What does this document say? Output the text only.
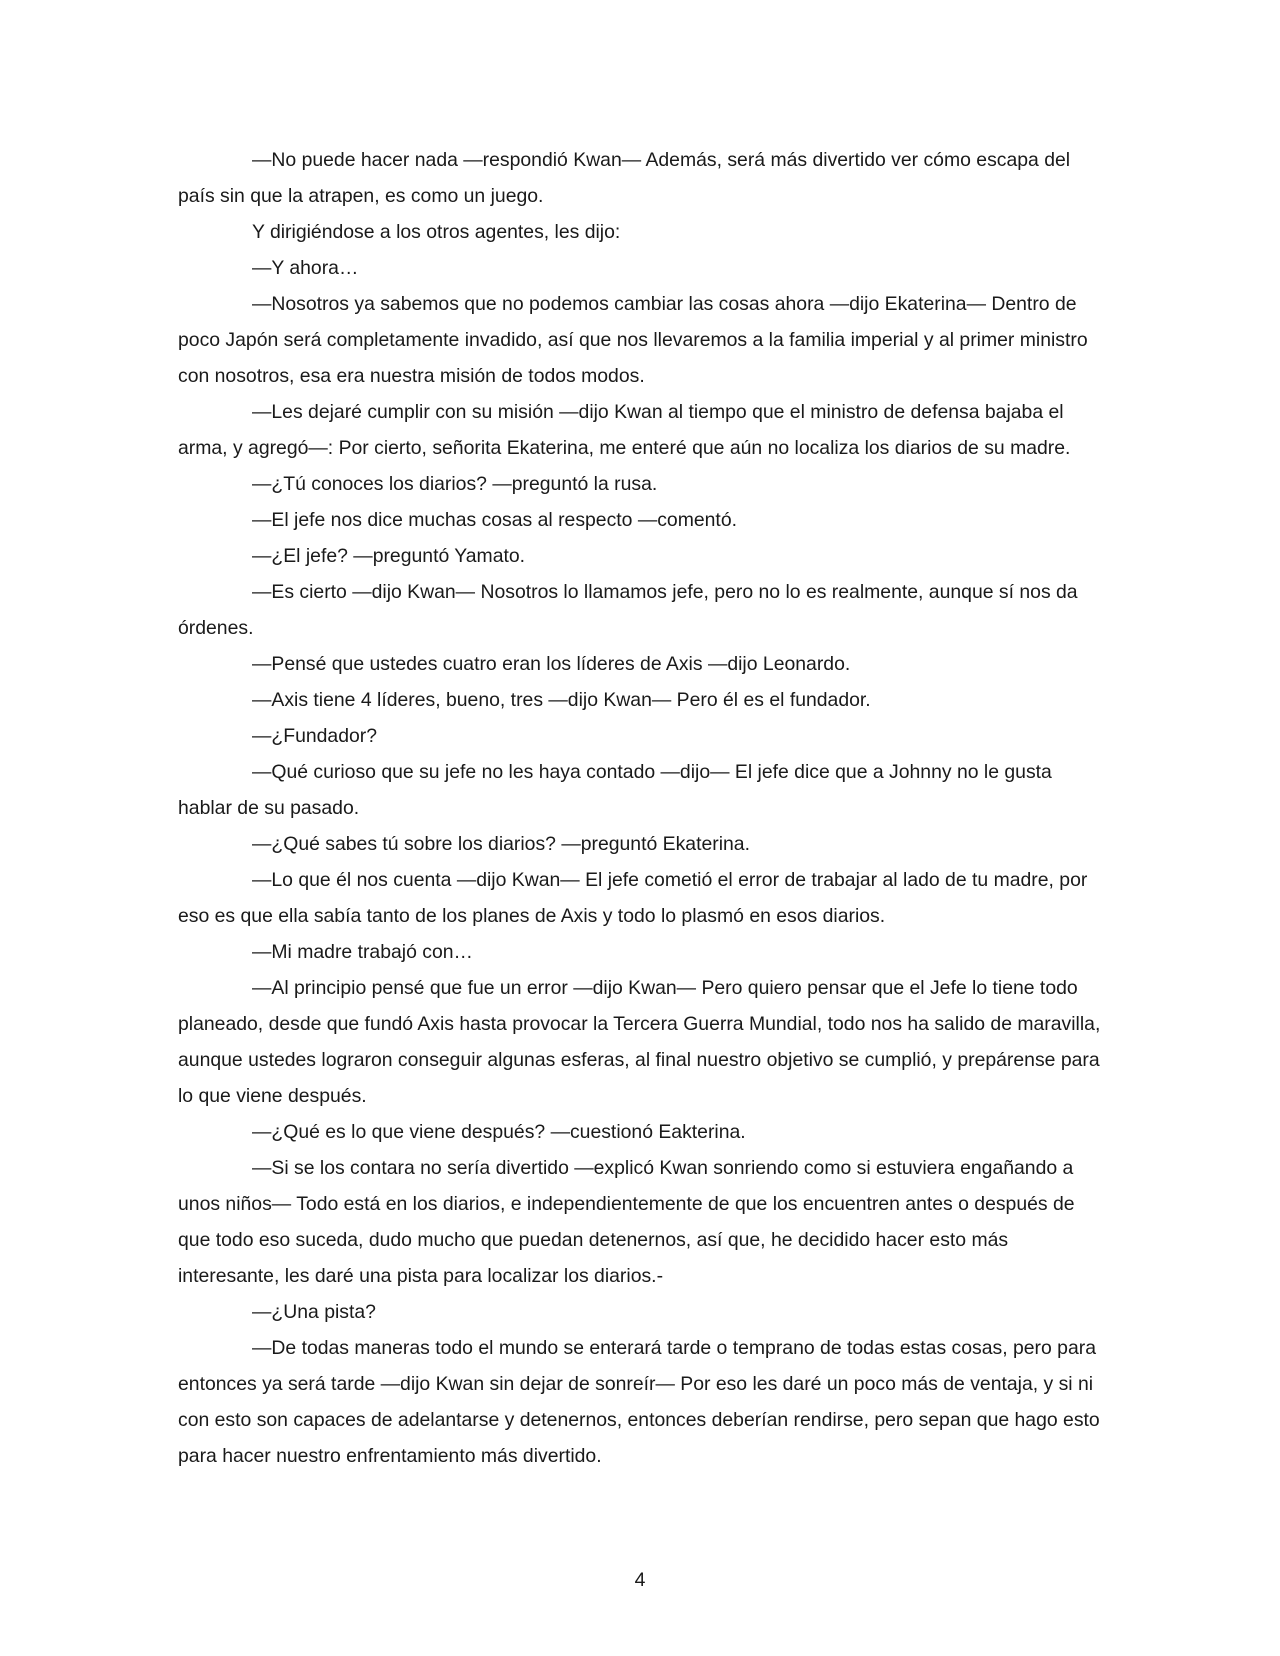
—No puede hacer nada —respondió Kwan— Además, será más divertido ver cómo escapa del país sin que la atrapen, es como un juego.

Y dirigiéndose a los otros agentes, les dijo:

—Y ahora…

—Nosotros ya sabemos que no podemos cambiar las cosas ahora —dijo Ekaterina— Dentro de poco Japón será completamente invadido, así que nos llevaremos a la familia imperial y al primer ministro con nosotros, esa era nuestra misión de todos modos.

—Les dejaré cumplir con su misión —dijo Kwan al tiempo que el ministro de defensa bajaba el arma, y agregó—: Por cierto, señorita Ekaterina, me enteré que aún no localiza los diarios de su madre.

—¿Tú conoces los diarios? —preguntó la rusa.

—El jefe nos dice muchas cosas al respecto —comentó.

—¿El jefe? —preguntó Yamato.

—Es cierto —dijo Kwan— Nosotros lo llamamos jefe, pero no lo es realmente, aunque sí nos da órdenes.

—Pensé que ustedes cuatro eran los líderes de Axis —dijo Leonardo.

—Axis tiene 4 líderes, bueno, tres —dijo Kwan— Pero él es el fundador.

—¿Fundador?

—Qué curioso que su jefe no les haya contado —dijo— El jefe dice que a Johnny no le gusta hablar de su pasado.

—¿Qué sabes tú sobre los diarios? —preguntó Ekaterina.

—Lo que él nos cuenta —dijo Kwan— El jefe cometió el error de trabajar al lado de tu madre, por eso es que ella sabía tanto de los planes de Axis y todo lo plasmó en esos diarios.

—Mi madre trabajó con…

—Al principio pensé que fue un error —dijo Kwan— Pero quiero pensar que el Jefe lo tiene todo planeado, desde que fundó Axis hasta provocar la Tercera Guerra Mundial, todo nos ha salido de maravilla, aunque ustedes lograron conseguir algunas esferas, al final nuestro objetivo se cumplió, y prepárense para lo que viene después.

—¿Qué es lo que viene después? —cuestionó Eakterina.

—Si se los contara no sería divertido —explicó Kwan sonriendo como si estuviera engañando a unos niños— Todo está en los diarios, e independientemente de que los encuentren antes o después de que todo eso suceda, dudo mucho que puedan detenernos, así que, he decidido hacer esto más interesante, les daré una pista para localizar los diarios.-

—¿Una pista?

—De todas maneras todo el mundo se enterará tarde o temprano de todas estas cosas, pero para entonces ya será tarde —dijo Kwan sin dejar de sonreír— Por eso les daré un poco más de ventaja, y si ni con esto son capaces de adelantarse y detenernos, entonces deberían rendirse, pero sepan que hago esto para hacer nuestro enfrentamiento más divertido.

4
